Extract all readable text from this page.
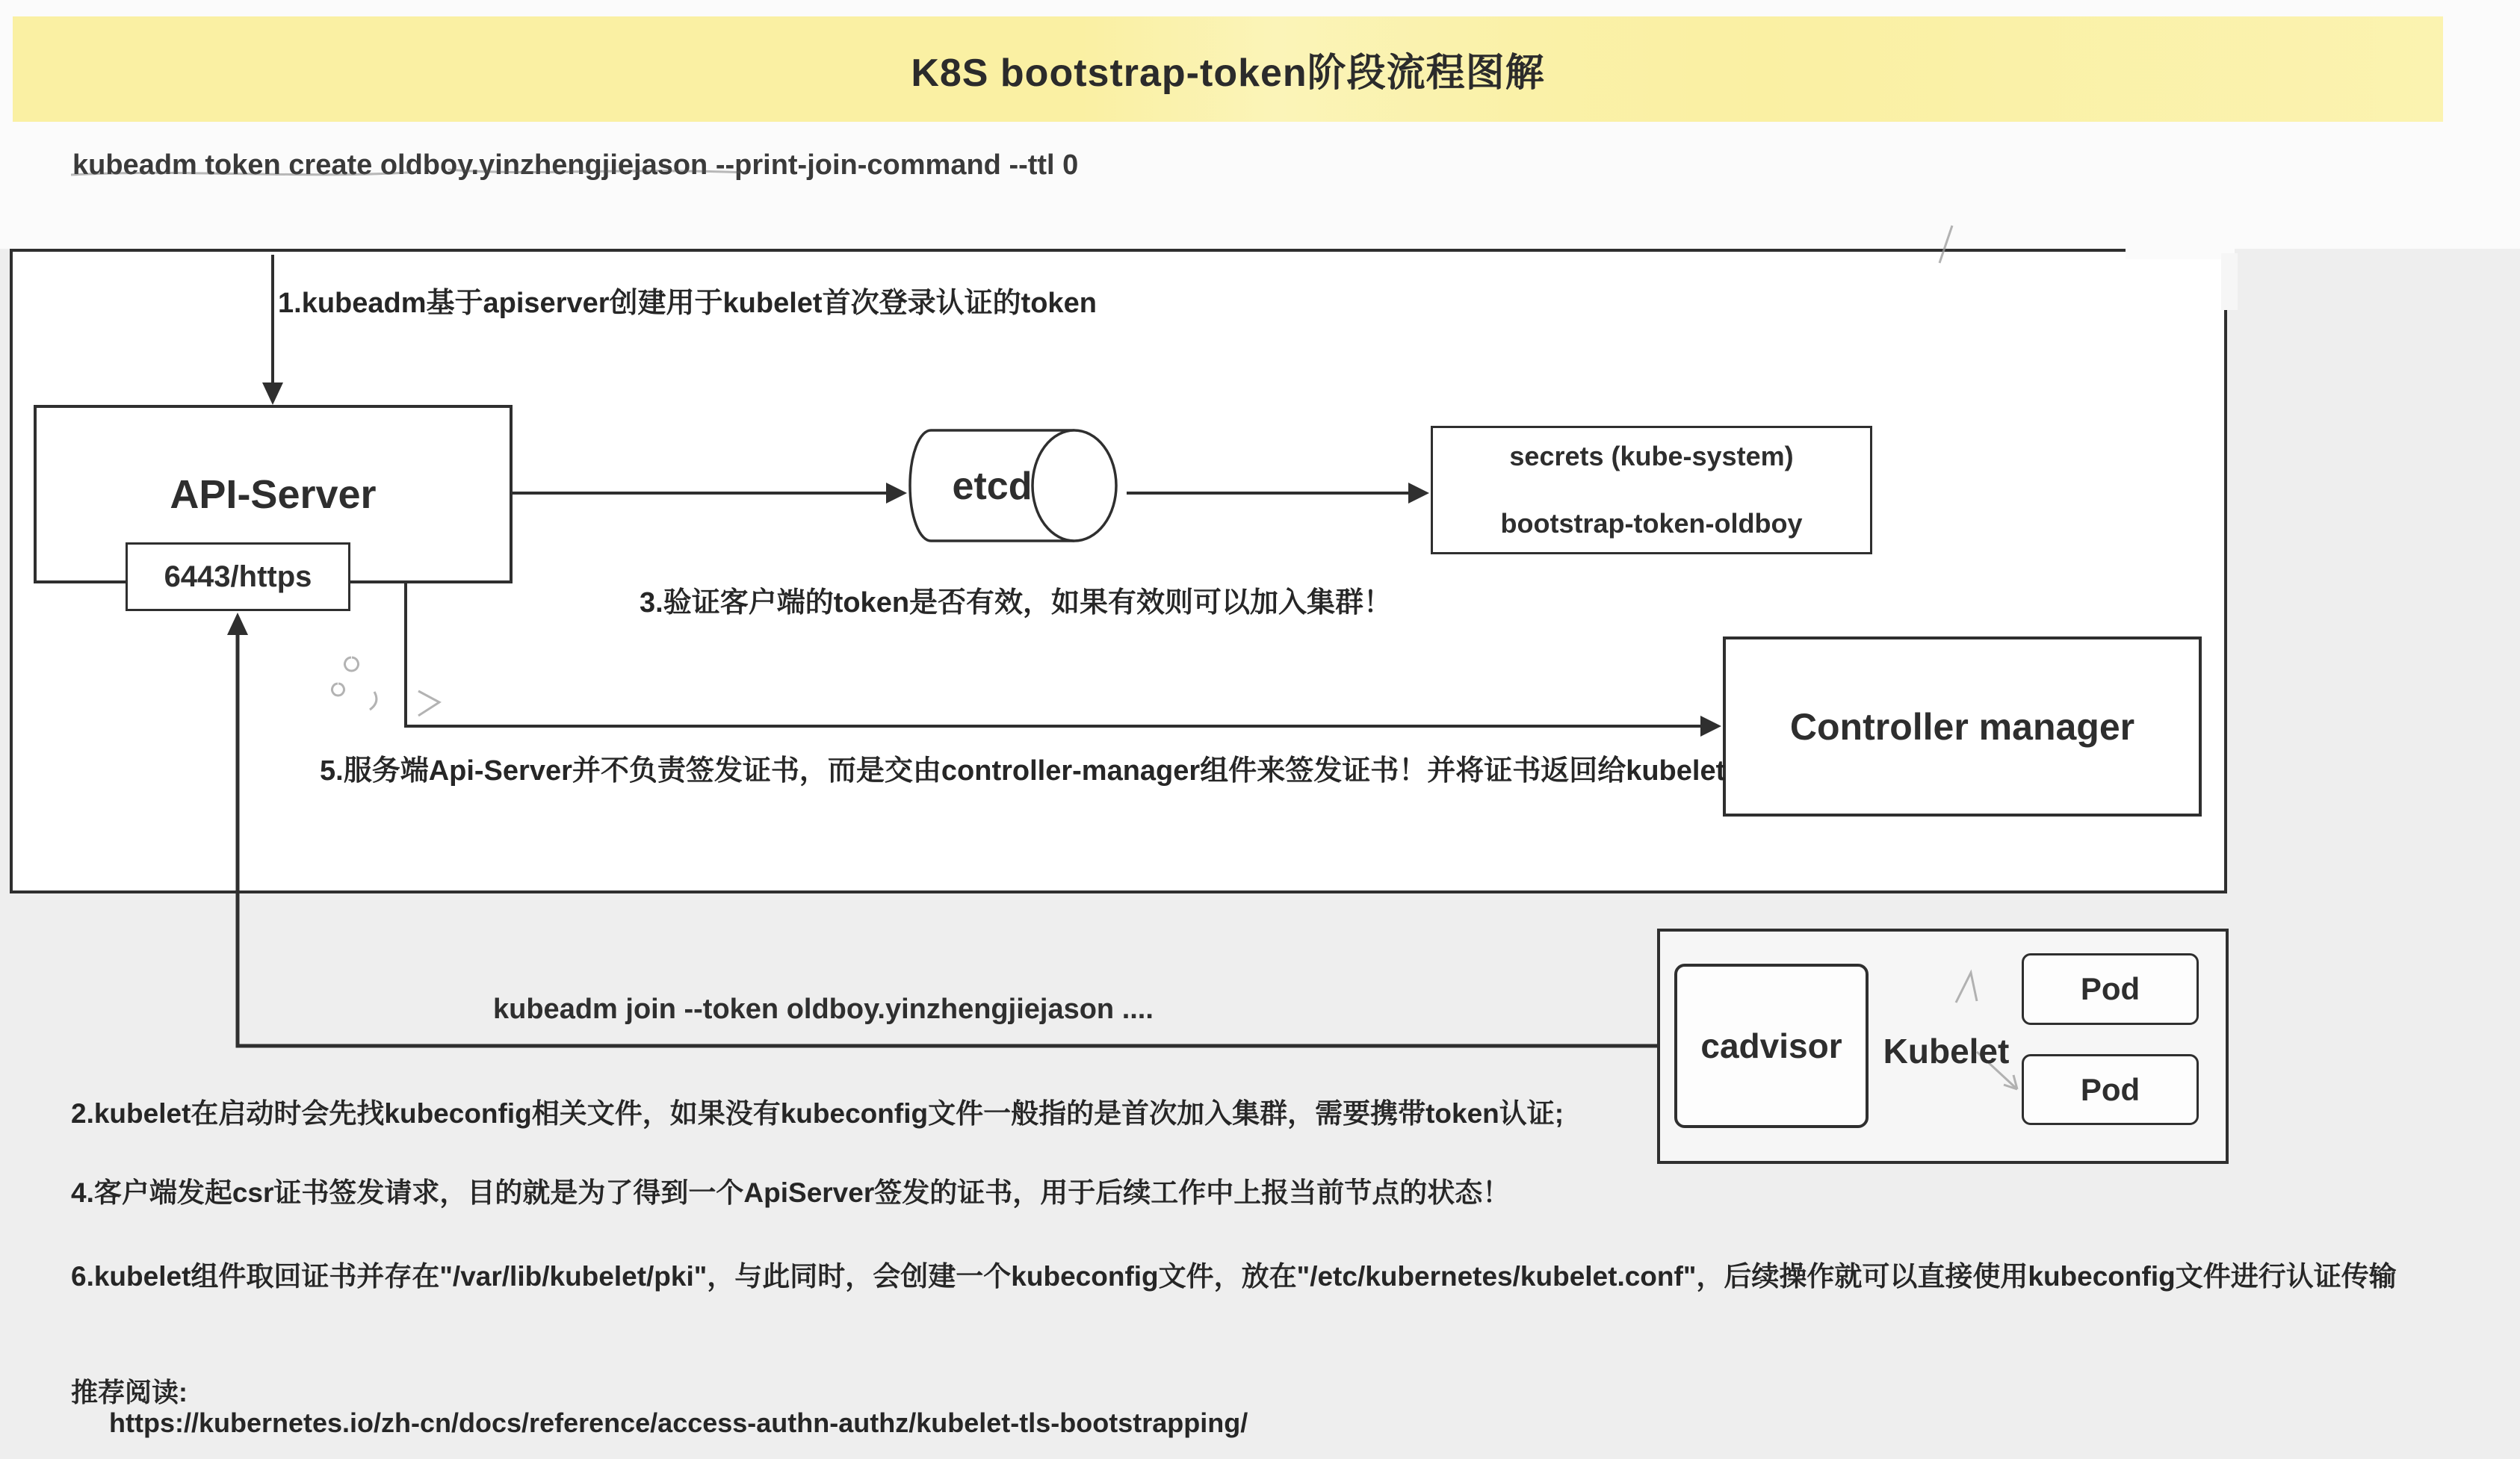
K8S bootstrap-token阶段流程图解
kubeadm token create oldboy.yinzhengjiejason --print-join-command --ttl 0
API-Server
6443/https
etcd
secrets (kube-system)
bootstrap-token-oldboy
Controller manager
cadvisor	Kubelet
Pod
Pod
1.kubeadm基于apiserver创建用于kubelet首次登录认证的token
3.验证客户端的token是否有效，如果有效则可以加入集群！
5.服务端Api-Server并不负责签发证书，而是交由controller-manager组件来签发证书！并将证书返回给kubelet
kubeadm join --token oldboy.yinzhengjiejason ....
2.kubelet在启动时会先找kubeconfig相关文件，如果没有kubeconfig文件一般指的是首次加入集群，需要携带token认证;
4.客户端发起csr证书签发请求，目的就是为了得到一个ApiServer签发的证书，用于后续工作中上报当前节点的状态！
6.kubelet组件取回证书并存在"/var/lib/kubelet/pki"，与此同时，会创建一个kubeconfig文件，放在"/etc/kubernetes/kubelet.conf"，后续操作就可以直接使用kubeconfig文件进行认证传输
推荐阅读:
https://kubernetes.io/zh-cn/docs/reference/access-authn-authz/kubelet-tls-bootstrapping/
